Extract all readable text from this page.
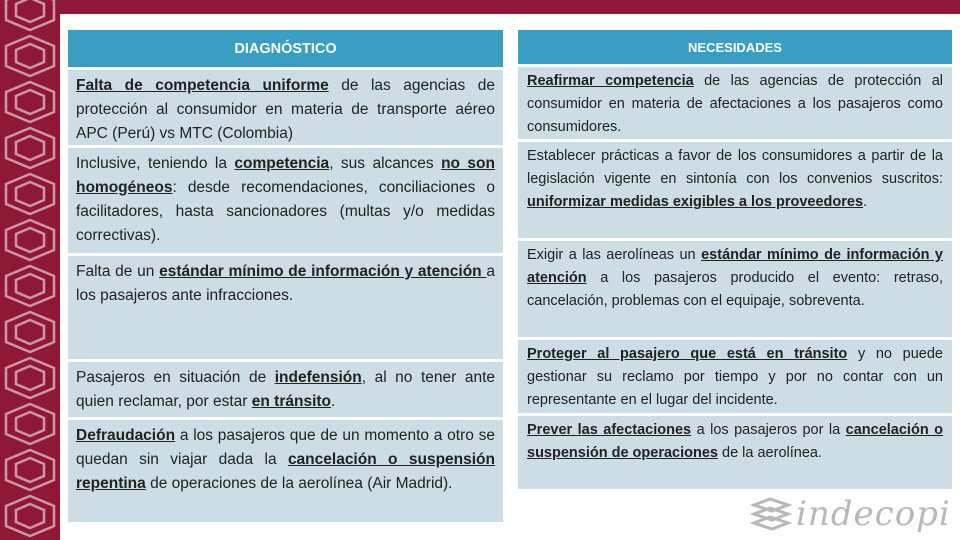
DIAGNÓSTICO
Falta de competencia uniforme de las agencias de protección al consumidor en materia de transporte aéreo APC (Perú) vs MTC (Colombia)
Inclusive, teniendo la competencia, sus alcances no son homogéneos: desde recomendaciones, conciliaciones o facilitadores, hasta sancionadores (multas y/o medidas correctivas).
Falta de un estándar mínimo de información y atención a los pasajeros ante infracciones.
Pasajeros en situación de indefensión, al no tener ante quien reclamar, por estar en tránsito.
Defraudación a los pasajeros que de un momento a otro se quedan sin viajar dada la cancelación o suspensión repentina de operaciones de la aerolínea (Air Madrid).
NECESIDADES
Reafirmar competencia de las agencias de protección al consumidor en materia de afectaciones a los pasajeros como consumidores.
Establecer prácticas a favor de los consumidores a partir de la legislación vigente en sintonía con los convenios suscritos: uniformizar medidas exigibles a los proveedores.
Exigir a las aerolíneas un estándar mínimo de información y atención a los pasajeros producido el evento: retraso, cancelación, problemas con el equipaje, sobreventa.
Proteger al pasajero que está en tránsito y no puede gestionar su reclamo por tiempo y por no contar con un representante en el lugar del incidente.
Prever las afectaciones a los pasajeros por la cancelación o suspensión de operaciones de la aerolínea.
indecopi
